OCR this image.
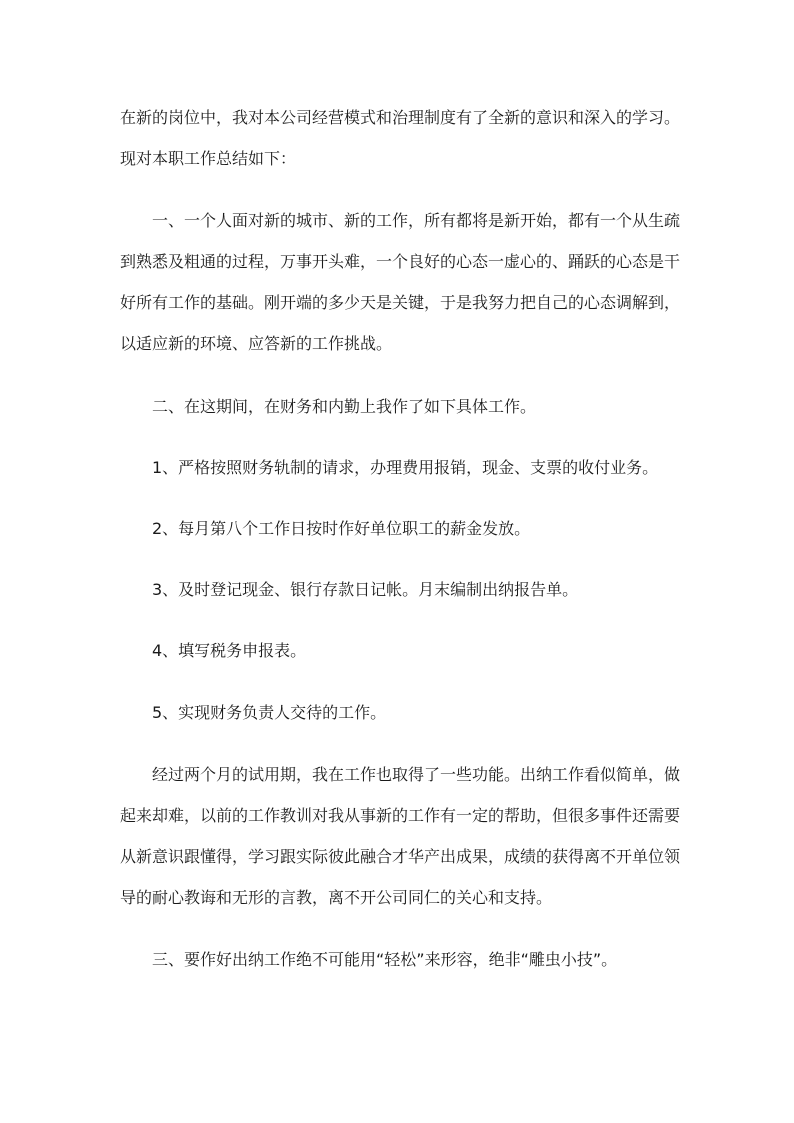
在新的岗位中，我对本公司经营模式和治理制度有了全新的意识和深入的学习。
现对本职工作总结如下：
一、一个人面对新的城市、新的工作，所有都将是新开始，都有一个从生疏
到熟悉及粗通的过程，万事开头难，一个良好的心态一虚心的、踊跃的心态是干
好所有工作的基础。刚开端的多少天是关键，于是我努力把自己的心态调解到，
以适应新的环境、应答新的工作挑战。
二、在这期间，在财务和内勤上我作了如下具体工作。
1、严格按照财务轨制的请求，办理费用报销，现金、支票的收付业务。
2、每月第八个工作日按时作好单位职工的薪金发放。
3、及时登记现金、银行存款日记帐。月末编制出纳报告单。
4、填写税务申报表。
5、实现财务负责人交待的工作。
经过两个月的试用期，我在工作也取得了一些功能。出纳工作看似简单，做
起来却难，以前的工作教训对我从事新的工作有一定的帮助，但很多事件还需要
从新意识跟懂得，学习跟实际彼此融合才华产出成果，成绩的获得离不开单位领
导的耐心教诲和无形的言教，离不开公司同仁的关心和支持。
三、要作好出纳工作绝不可能用“轻松”来形容，绝非“雕虫小技”。
